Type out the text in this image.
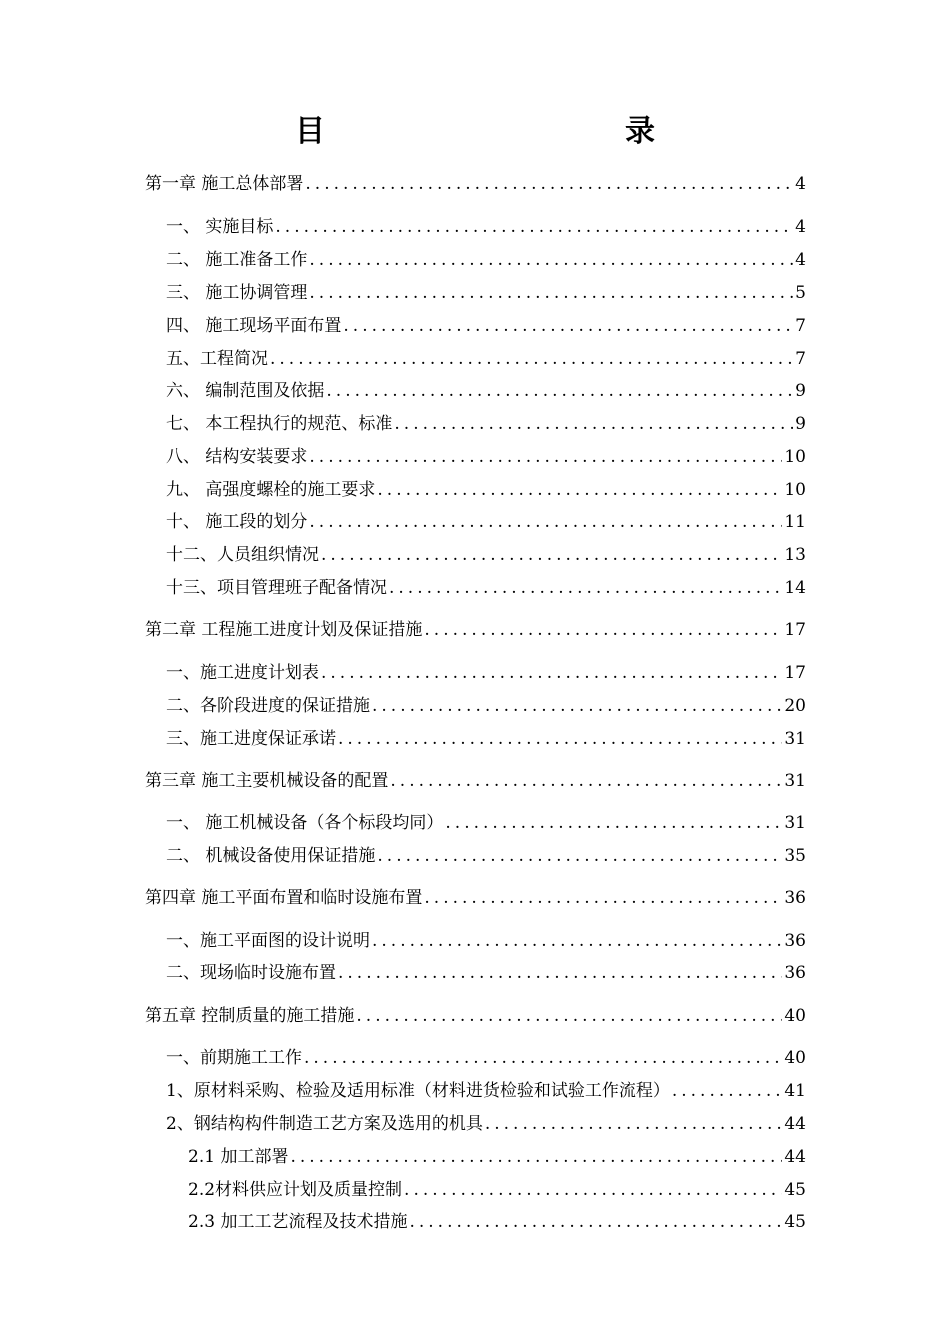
目　　录
第一章 施工总体部署 .....	4
一、 实施目标 .....	4
二、 施工准备工作 .....	4
三、 施工协调管理 .....	5
四、 施工现场平面布置 .....	7
五、工程简况 .....	7
六、 编制范围及依据 .....	9
七、 本工程执行的规范、标准 .....	9
八、 结构安装要求 .....	10
九、 高强度螺栓的施工要求 .....	10
十、 施工段的划分 .....	11
十二、人员组织情况 .....	13
十三、项目管理班子配备情况 .....	14
第二章 工程施工进度计划及保证措施 .....	17
一、施工进度计划表 .....	17
二、各阶段进度的保证措施 .....	20
三、施工进度保证承诺 .....	31
第三章 施工主要机械设备的配置 .....	31
一、 施工机械设备（各个标段均同） .....	31
二、 机械设备使用保证措施 .....	35
第四章 施工平面布置和临时设施布置 .....	36
一、施工平面图的设计说明 .....	36
二、现场临时设施布置 .....	36
第五章 控制质量的施工措施 .....	40
一、前期施工工作 .....	40
1、原材料采购、检验及适用标准（材料进货检验和试验工作流程） .....	41
2、钢结构构件制造工艺方案及选用的机具 .....	44
2.1 加工部署 .....	44
2.2材料供应计划及质量控制 .....	45
2.3 加工工艺流程及技术措施 .....	45
